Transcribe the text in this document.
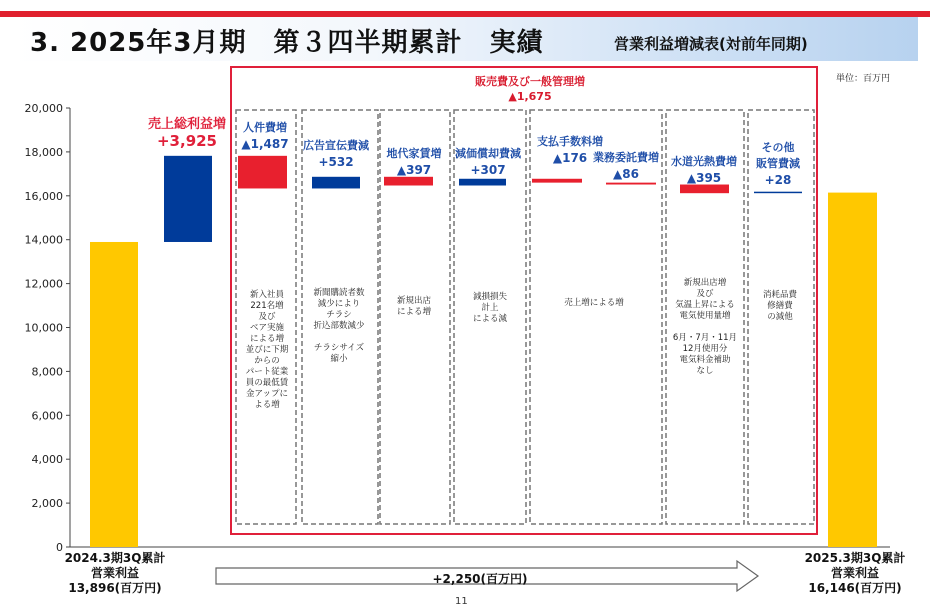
3. 2025年3月期　第３四半期累計　実績	営業利益増減表(対前年同期)
単位：百万円
販売費及び一般管理増
▲1,675
0
2,000
4,000
6,000
8,000
10,000
12,000
14,000
16,000
18,000
20,000
売上総利益増
+3,925
人件費増
▲1,487	広告宣伝費減
+532
地代家賃増
▲397
減価償却費減
+307
支払手数料増
▲176 業務委託費増
▲86
水道光熱費増
▲395
その他
販管費減
+28
新入社員
221名増
及び
ベア実施
による増
並びに下期
からの
パート従業
員の最低賃
金アップに
よる増
新聞購読者数
減少により
チラシ
折込部数減少

チラシサイズ
縮小
新規出店
による増
減損損失
計上
による減
売上増による増
新規出店増
及び
気温上昇による
電気使用量増

6月・7月・11月
12月使用分
電気料金補助
なし
消耗品費
修繕費
の減他
2024.3期3Q累計
営業利益
13,896(百万円)
2025.3期3Q累計
営業利益
16,146(百万円)
+2,250(百万円)
11
